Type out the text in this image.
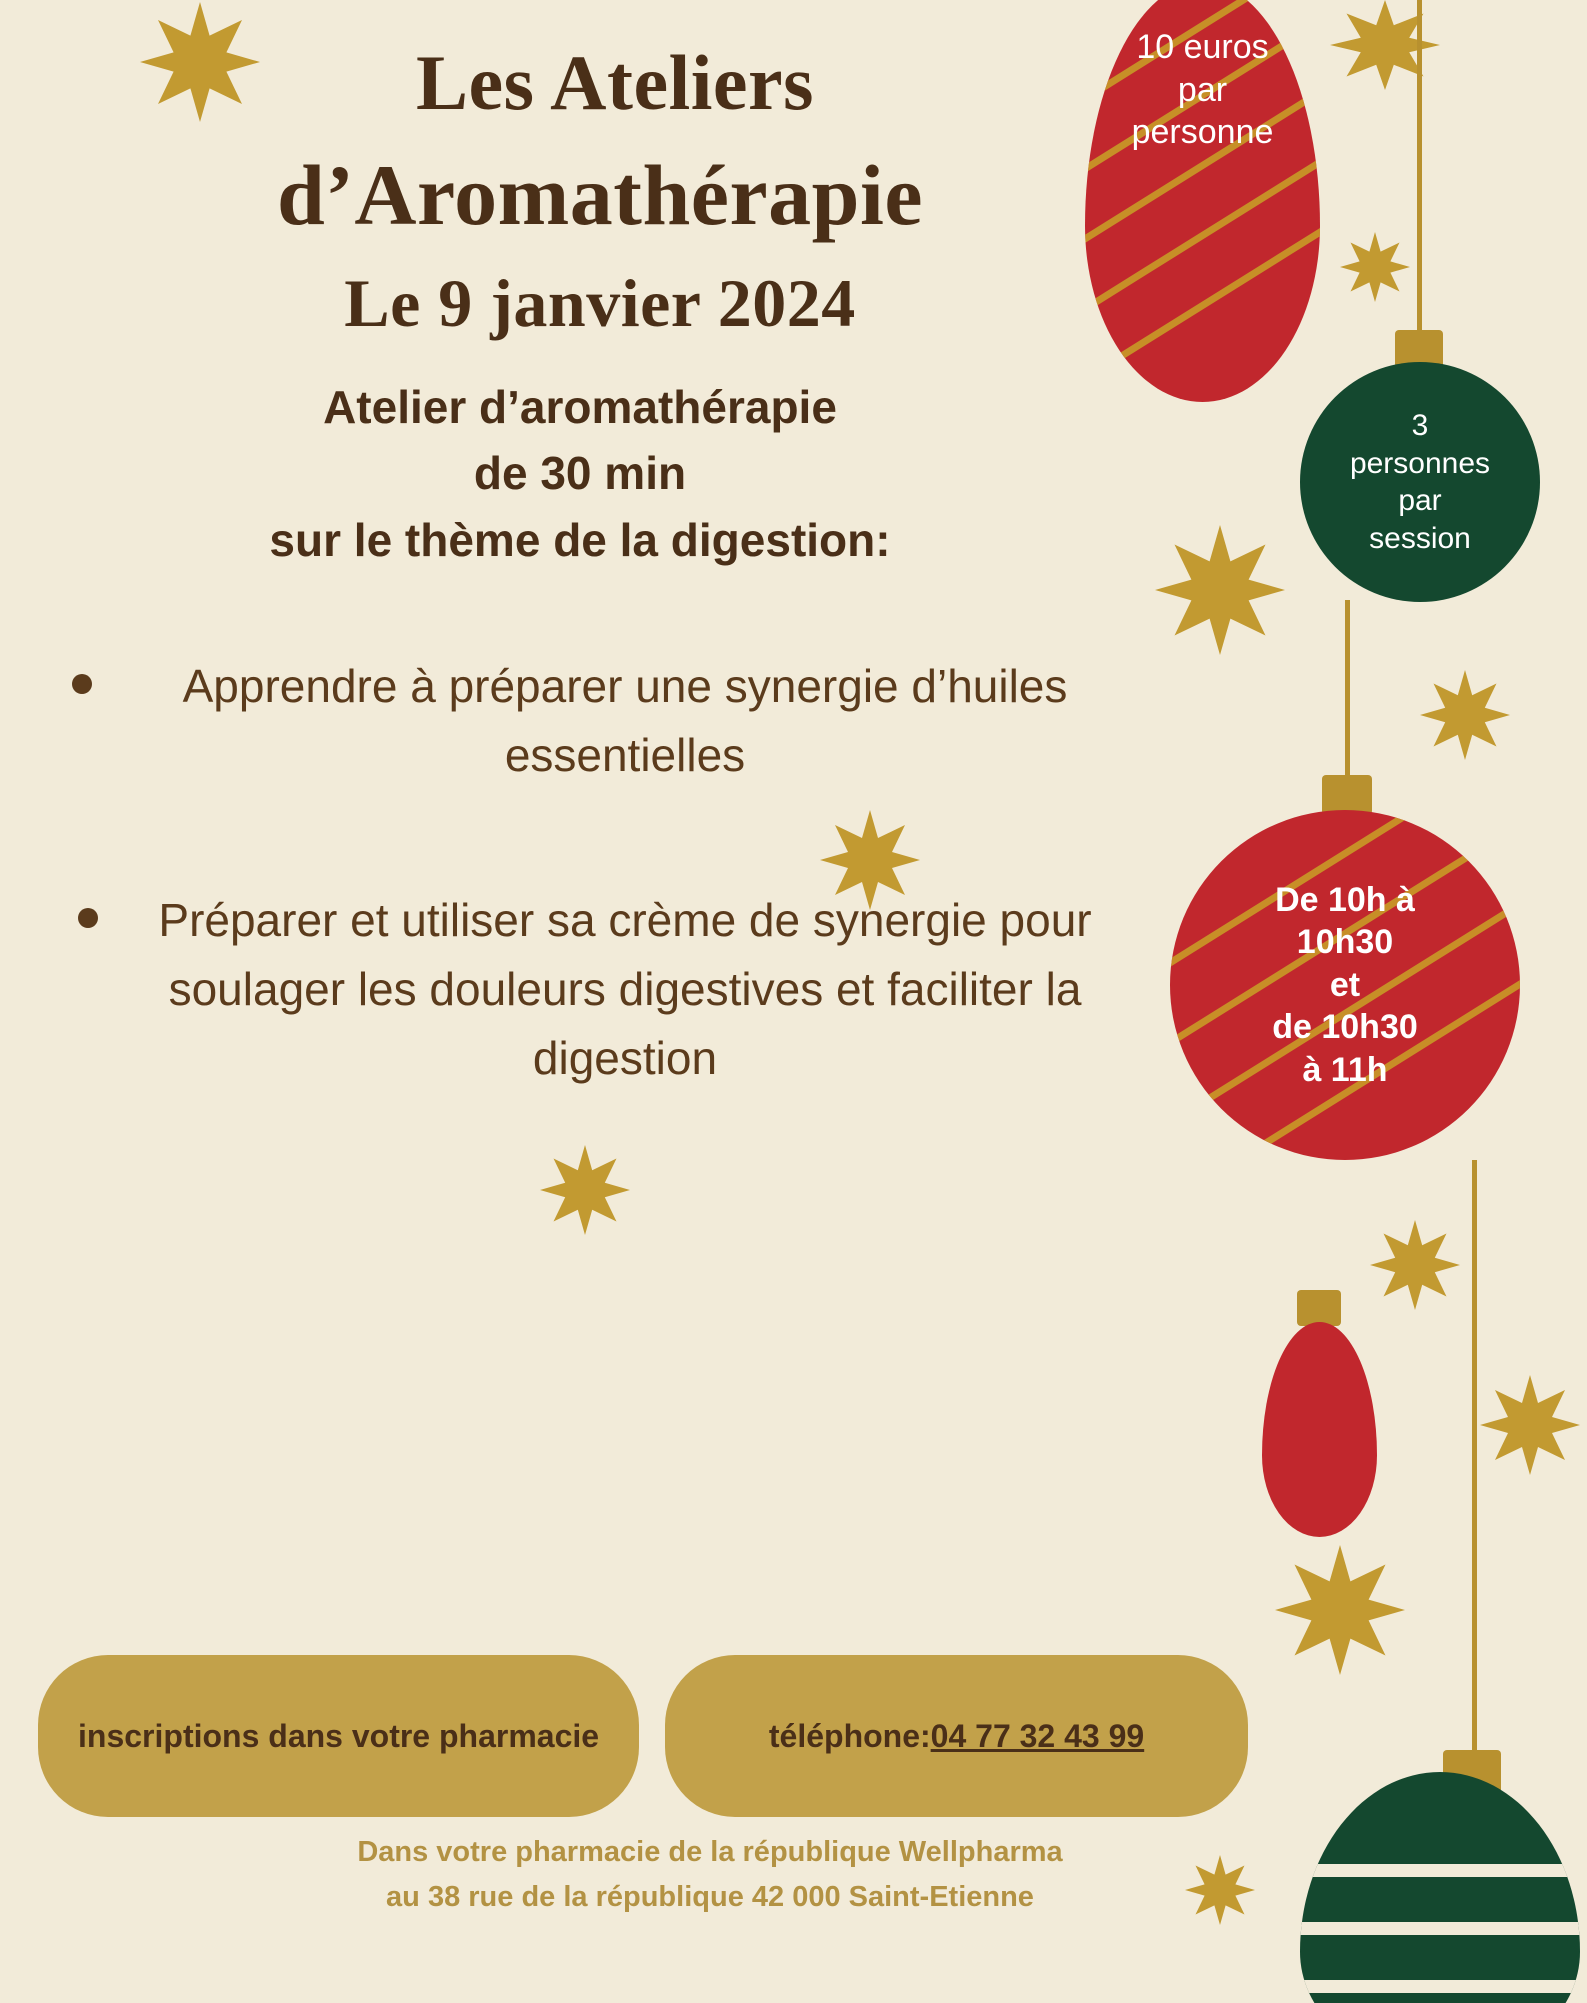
10 euros
par
personne
3
personnes
par
session
De 10h à
10h30
et
de 10h30
à 11h
Les Ateliers
d’Aromathérapie
Le 9 janvier 2024
Atelier d’aromathérapie
de 30 min
sur le thème de la digestion:
Apprendre à préparer une synergie d’huiles essentielles
Préparer et utiliser sa crème de synergie pour soulager les douleurs digestives et faciliter la digestion
inscriptions dans votre pharmacie	téléphone: 04 77 32 43 99
Dans votre pharmacie de la république Wellpharma
au 38 rue de la république 42 000 Saint-Etienne
